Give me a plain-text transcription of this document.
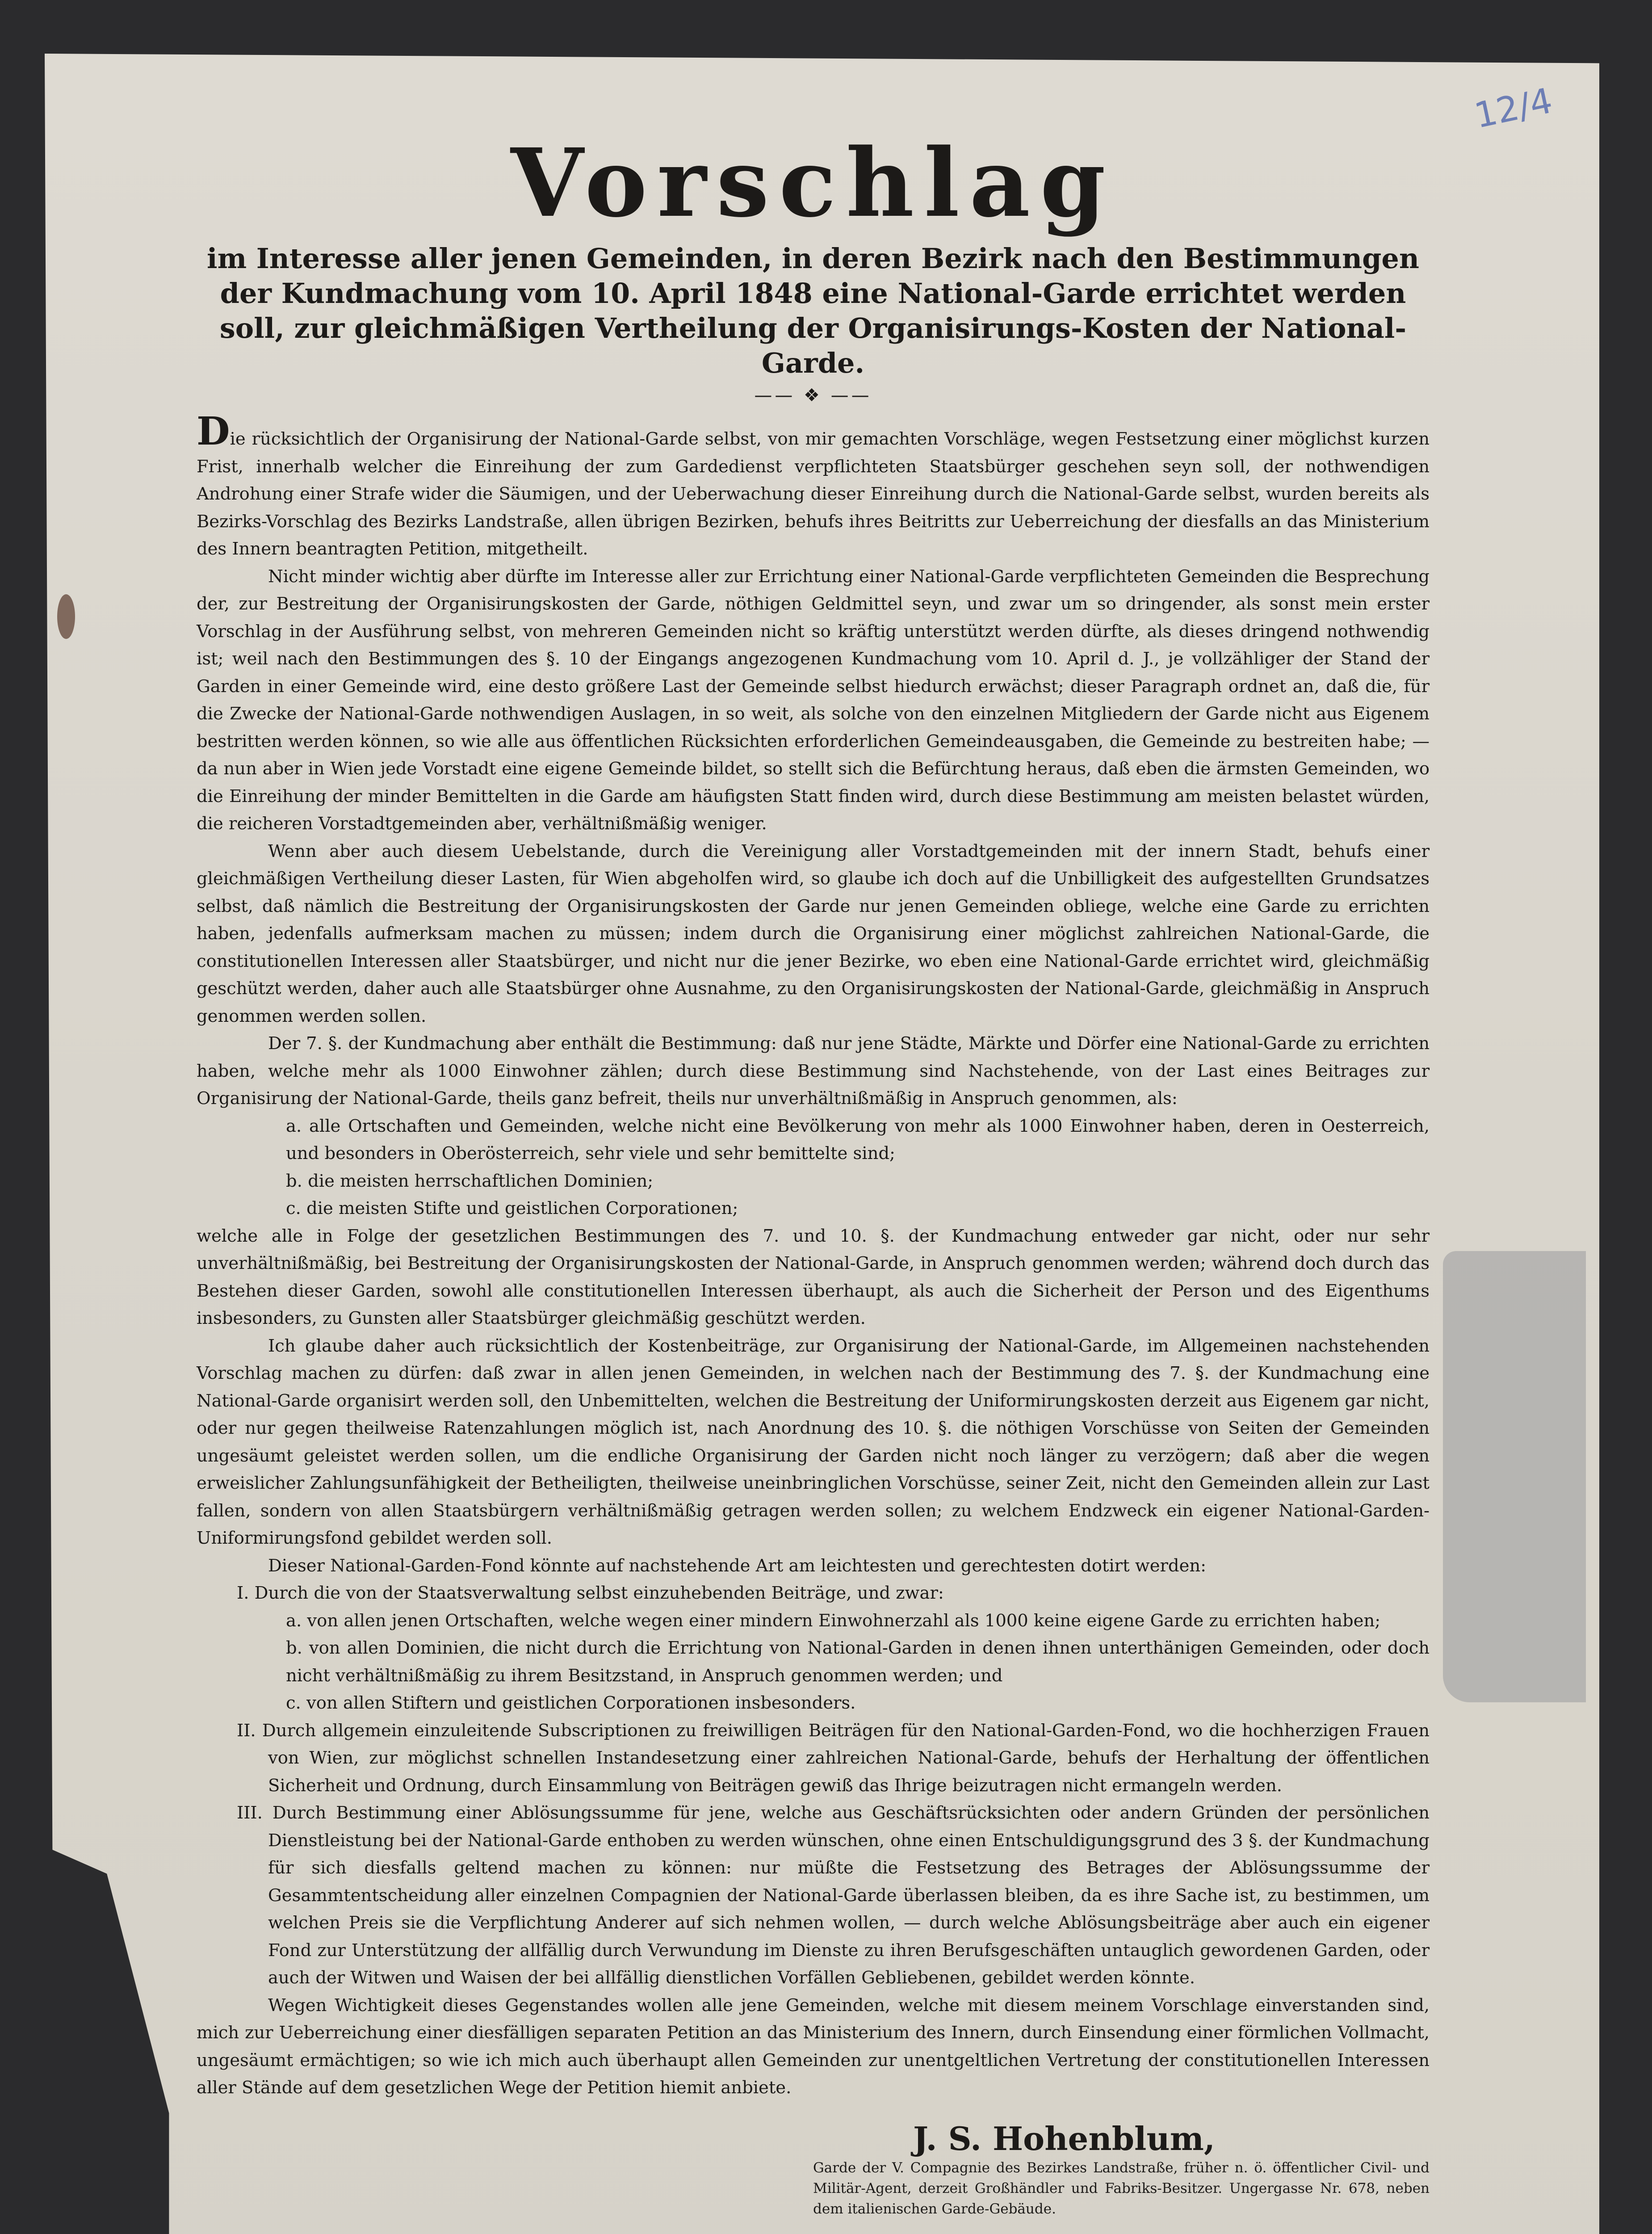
12/4
Vorschlag
im Interesse aller jenen Gemeinden, in deren Bezirk nach den Bestimmungen der Kundmachung vom 10. April 1848 eine National-Garde errichtet werden soll, zur gleichmäßigen Vertheilung der Organisirungs-Kosten der National-Garde.
—— ❖ ——

Die rücksichtlich der Organisirung der National-Garde selbst, von mir gemachten Vorschläge, wegen Festsetzung einer möglichst kurzen Frist, innerhalb welcher die Einreihung der zum Gardedienst verpflichteten Staatsbürger geschehen seyn soll, der nothwendigen Androhung einer Strafe wider die Säumigen, und der Ueberwachung dieser Einreihung durch die National-Garde selbst, wurden bereits als Bezirks-Vorschlag des Bezirks Landstraße, allen übrigen Bezirken, behufs ihres Beitritts zur Ueberreichung der diesfalls an das Ministerium des Innern beantragten Petition, mitgetheilt.

Nicht minder wichtig aber dürfte im Interesse aller zur Errichtung einer National-Garde verpflichteten Gemeinden die Besprechung der, zur Bestreitung der Organisirungskosten der Garde, nöthigen Geldmittel seyn, und zwar um so dringender, als sonst mein erster Vorschlag in der Ausführung selbst, von mehreren Gemeinden nicht so kräftig unterstützt werden dürfte, als dieses dringend nothwendig ist; weil nach den Bestimmungen des §. 10 der Eingangs angezogenen Kundmachung vom 10. April d. J., je vollzähliger der Stand der Garden in einer Gemeinde wird, eine desto größere Last der Gemeinde selbst hiedurch erwächst; dieser Paragraph ordnet an, daß die, für die Zwecke der National-Garde nothwendigen Auslagen, in so weit, als solche von den einzelnen Mitgliedern der Garde nicht aus Eigenem bestritten werden können, so wie alle aus öffentlichen Rücksichten erforderlichen Gemeindeausgaben, die Gemeinde zu bestreiten habe; — da nun aber in Wien jede Vorstadt eine eigene Gemeinde bildet, so stellt sich die Befürchtung heraus, daß eben die ärmsten Gemeinden, wo die Einreihung der minder Bemittelten in die Garde am häufigsten Statt finden wird, durch diese Bestimmung am meisten belastet würden, die reicheren Vorstadtgemeinden aber, verhältnißmäßig weniger.

Wenn aber auch diesem Uebelstande, durch die Vereinigung aller Vorstadtgemeinden mit der innern Stadt, behufs einer gleichmäßigen Vertheilung dieser Lasten, für Wien abgeholfen wird, so glaube ich doch auf die Unbilligkeit des aufgestellten Grundsatzes selbst, daß nämlich die Bestreitung der Organisirungskosten der Garde nur jenen Gemeinden obliege, welche eine Garde zu errichten haben, jedenfalls aufmerksam machen zu müssen; indem durch die Organisirung einer möglichst zahlreichen National-Garde, die constitutionellen Interessen aller Staatsbürger, und nicht nur die jener Bezirke, wo eben eine National-Garde errichtet wird, gleichmäßig geschützt werden, daher auch alle Staatsbürger ohne Ausnahme, zu den Organisirungskosten der National-Garde, gleichmäßig in Anspruch genommen werden sollen.

Der 7. §. der Kundmachung aber enthält die Bestimmung: daß nur jene Städte, Märkte und Dörfer eine National-Garde zu errichten haben, welche mehr als 1000 Einwohner zählen; durch diese Bestimmung sind Nachstehende, von der Last eines Beitrages zur Organisirung der National-Garde, theils ganz befreit, theils nur unverhältnißmäßig in Anspruch genommen, als:

a. alle Ortschaften und Gemeinden, welche nicht eine Bevölkerung von mehr als 1000 Einwohner haben, deren in Oesterreich, und besonders in Oberösterreich, sehr viele und sehr bemittelte sind;

b. die meisten herrschaftlichen Dominien;

c. die meisten Stifte und geistlichen Corporationen;

welche alle in Folge der gesetzlichen Bestimmungen des 7. und 10. §. der Kundmachung entweder gar nicht, oder nur sehr unverhältnißmäßig, bei Bestreitung der Organisirungskosten der National-Garde, in Anspruch genommen werden; während doch durch das Bestehen dieser Garden, sowohl alle constitutionellen Interessen überhaupt, als auch die Sicherheit der Person und des Eigenthums insbesonders, zu Gunsten aller Staatsbürger gleichmäßig geschützt werden.

Ich glaube daher auch rücksichtlich der Kostenbeiträge, zur Organisirung der National-Garde, im Allgemeinen nachstehenden Vorschlag machen zu dürfen: daß zwar in allen jenen Gemeinden, in welchen nach der Bestimmung des 7. §. der Kundmachung eine National-Garde organisirt werden soll, den Unbemittelten, welchen die Bestreitung der Uniformirungskosten derzeit aus Eigenem gar nicht, oder nur gegen theilweise Ratenzahlungen möglich ist, nach Anordnung des 10. §. die nöthigen Vorschüsse von Seiten der Gemeinden ungesäumt geleistet werden sollen, um die endliche Organisirung der Garden nicht noch länger zu verzögern; daß aber die wegen erweislicher Zahlungsunfähigkeit der Betheiligten, theilweise uneinbringlichen Vorschüsse, seiner Zeit, nicht den Gemeinden allein zur Last fallen, sondern von allen Staatsbürgern verhältnißmäßig getragen werden sollen; zu welchem Endzweck ein eigener National-Garden-Uniformirungsfond gebildet werden soll.

Dieser National-Garden-Fond könnte auf nachstehende Art am leichtesten und gerechtesten dotirt werden:

I. Durch die von der Staatsverwaltung selbst einzuhebenden Beiträge, und zwar:

a. von allen jenen Ortschaften, welche wegen einer mindern Einwohnerzahl als 1000 keine eigene Garde zu errichten haben;

b. von allen Dominien, die nicht durch die Errichtung von National-Garden in denen ihnen unterthänigen Gemeinden, oder doch nicht verhältnißmäßig zu ihrem Besitzstand, in Anspruch genommen werden; und

c. von allen Stiftern und geistlichen Corporationen insbesonders.

II. Durch allgemein einzuleitende Subscriptionen zu freiwilligen Beiträgen für den National-Garden-Fond, wo die hochherzigen Frauen von Wien, zur möglichst schnellen Instandesetzung einer zahlreichen National-Garde, behufs der Herhaltung der öffentlichen Sicherheit und Ordnung, durch Einsammlung von Beiträgen gewiß das Ihrige beizutragen nicht ermangeln werden.

III. Durch Bestimmung einer Ablösungssumme für jene, welche aus Geschäftsrücksichten oder andern Gründen der persönlichen Dienstleistung bei der National-Garde enthoben zu werden wünschen, ohne einen Entschuldigungsgrund des 3 §. der Kundmachung für sich diesfalls geltend machen zu können: nur müßte die Festsetzung des Betrages der Ablösungssumme der Gesammtentscheidung aller einzelnen Compagnien der National-Garde überlassen bleiben, da es ihre Sache ist, zu bestimmen, um welchen Preis sie die Verpflichtung Anderer auf sich nehmen wollen, — durch welche Ablösungsbeiträge aber auch ein eigener Fond zur Unterstützung der allfällig durch Verwundung im Dienste zu ihren Berufsgeschäften untauglich gewordenen Garden, oder auch der Witwen und Waisen der bei allfällig dienstlichen Vorfällen Gebliebenen, gebildet werden könnte.

Wegen Wichtigkeit dieses Gegenstandes wollen alle jene Gemeinden, welche mit diesem meinem Vorschlage einverstanden sind, mich zur Ueberreichung einer diesfälligen separaten Petition an das Ministerium des Innern, durch Einsendung einer förmlichen Vollmacht, ungesäumt ermächtigen; so wie ich mich auch überhaupt allen Gemeinden zur unentgeltlichen Vertretung der constitutionellen Interessen aller Stände auf dem gesetzlichen Wege der Petition hiemit anbiete.

J. S. Hohenblum,
Garde der V. Compagnie des Bezirkes Landstraße, früher n. ö. öffentlicher Civil- und Militär-Agent, derzeit Großhändler und Fabriks-Besitzer. Ungergasse Nr. 678, neben dem italienischen Garde-Gebäude.
